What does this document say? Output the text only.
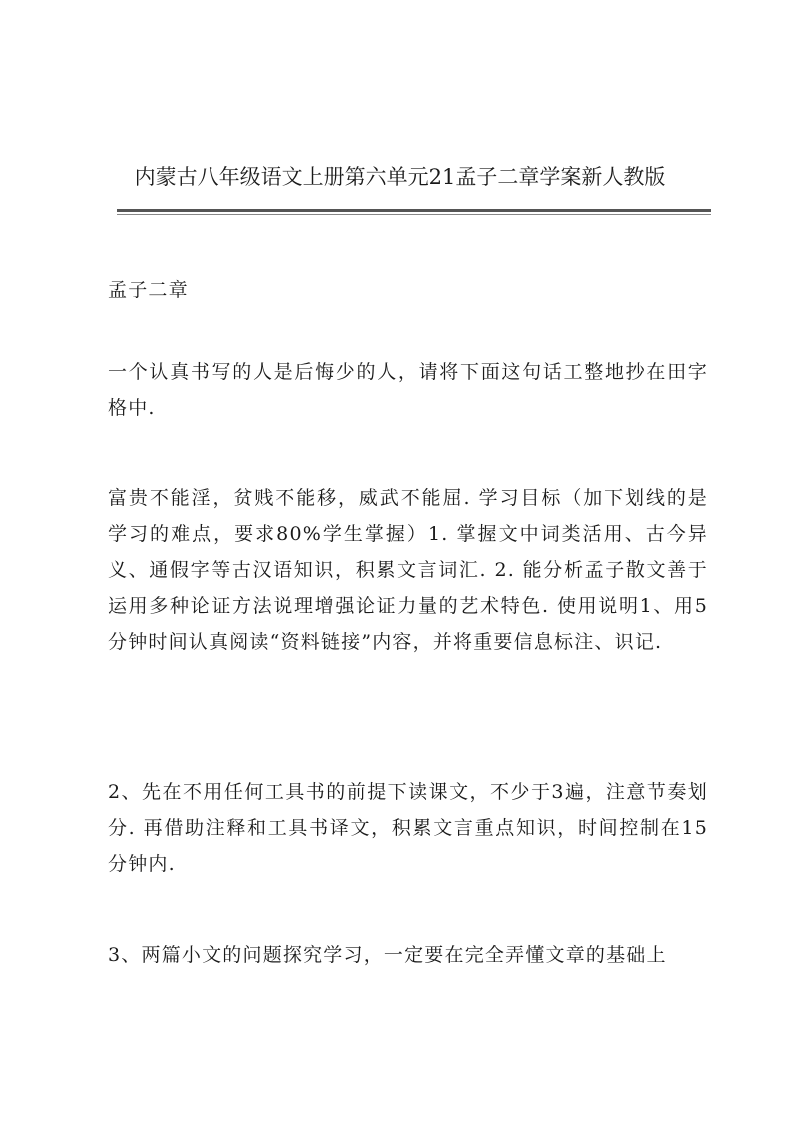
内蒙古八年级语文上册第六单元21孟子二章学案新人教版

孟子二章

一个认真书写的人是后悔少的人，请将下面这句话工整地抄在田字格中.

富贵不能淫，贫贱不能移，威武不能屈. 学习目标（加下划线的是学习的难点，要求80%学生掌握）1. 掌握文中词类活用、古今异义、通假字等古汉语知识，积累文言词汇. 2. 能分析孟子散文善于运用多种论证方法说理增强论证力量的艺术特色. 使用说明1、用5分钟时间认真阅读“资料链接”内容，并将重要信息标注、识记.

2、先在不用任何工具书的前提下读课文，不少于3遍，注意节奏划分. 再借助注释和工具书译文，积累文言重点知识，时间控制在15分钟内.

3、两篇小文的问题探究学习，一定要在完全弄懂文章的基础上
